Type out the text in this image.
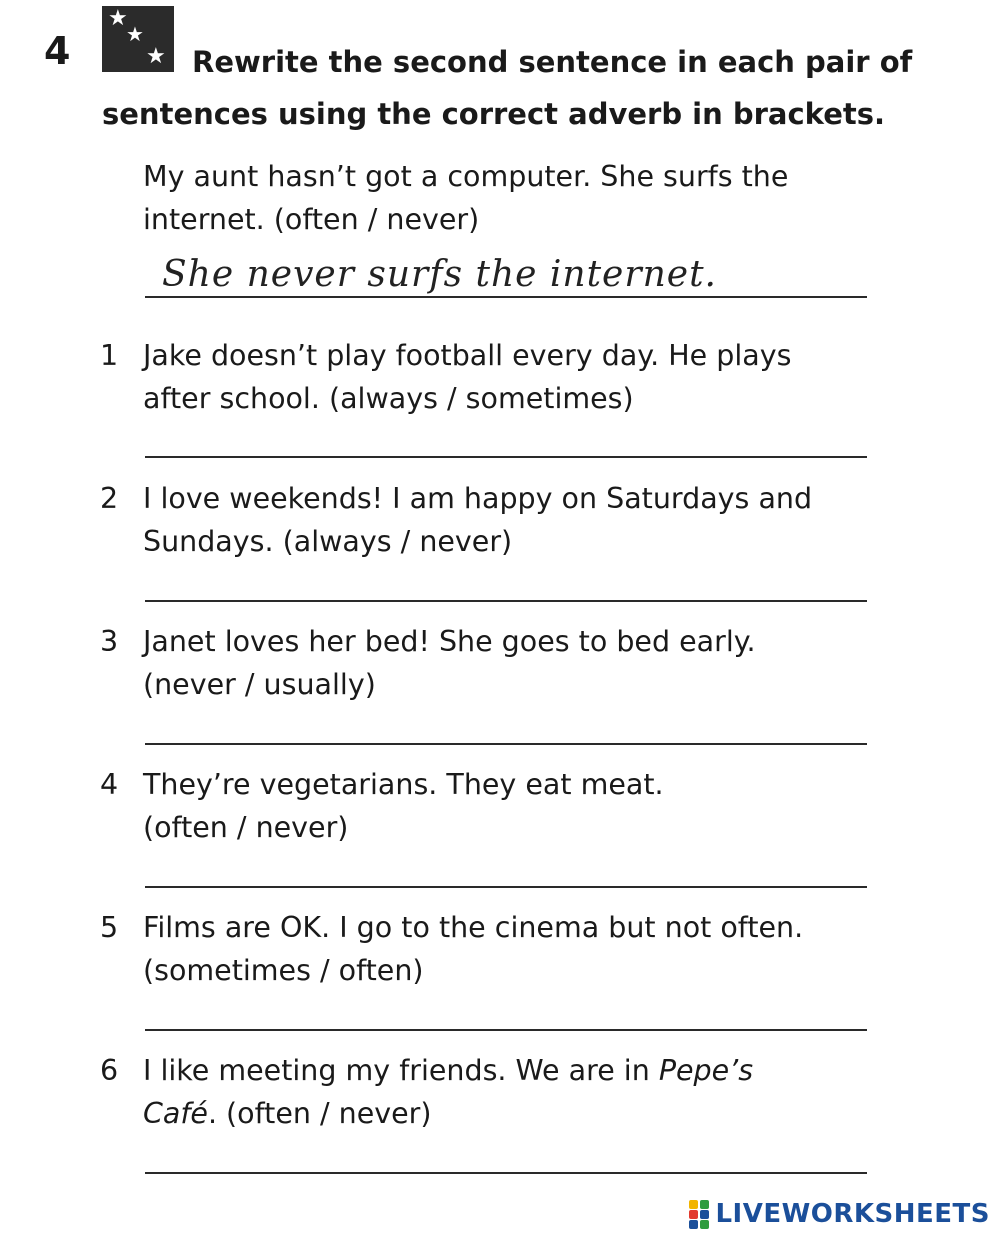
4
★
★
★ Rewrite the second sentence in each pair of sentences using the correct adverb in brackets.
My aunt hasn’t got a computer. She surfs the
internet. (often / never)
She never surfs the internet.
1 Jake doesn’t play football every day. He plays
after school. (always / sometimes)
2 I love weekends! I am happy on Saturdays and
Sundays. (always / never)
3 Janet loves her bed! She goes to bed early.
(never / usually)
4 They’re vegetarians. They eat meat.
(often / never)
5 Films are OK. I go to the cinema but not often.
(sometimes / often)
6 I like meeting my friends. We are in Pepe’s
Café. (often / never)
LIVEWORKSHEETS
